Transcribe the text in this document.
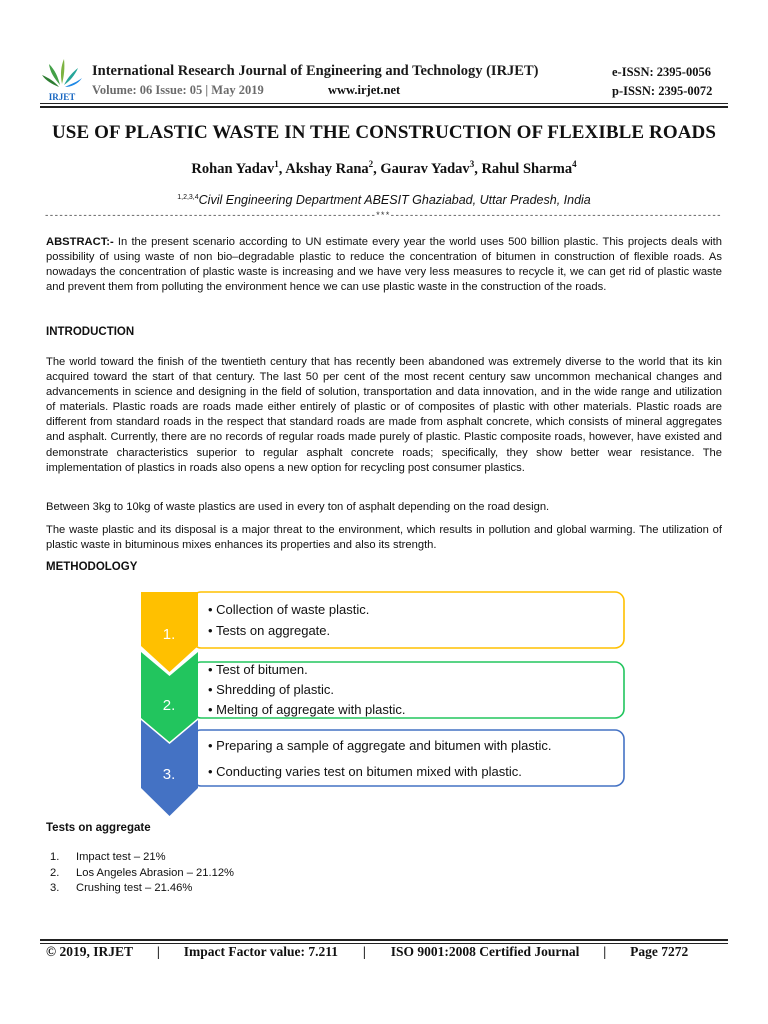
IRJET
International Research Journal of Engineering and Technology (IRJET)
Volume: 06 Issue: 05 | May 2019	www.irjet.net
e-ISSN: 2395-0056
p-ISSN: 2395-0072
USE OF PLASTIC WASTE IN THE CONSTRUCTION OF FLEXIBLE ROADS
Rohan Yadav$^1$, Akshay Rana$^2$, Gaurav Yadav$^3$, Rahul Sharma$^4$
$^{1,2,3,4}$Civil Engineering Department ABESIT Ghaziabad, Uttar Pradesh, India
---------------------------------------------------------------------***---------------------------------------------------------------------
ABSTRACT:- In the present scenario according to UN estimate every year the world uses 500 billion plastic. This projects deals with possibility of using waste of non bio–degradable plastic to reduce the concentration of bitumen in construction of flexible roads. As nowadays the concentration of plastic waste is increasing and we have very less measures to recycle it, we can get rid of plastic waste and prevent them from polluting the environment hence we can use plastic waste in the construction of the roads.
INTRODUCTION
The world toward the finish of the twentieth century that has recently been abandoned was extremely diverse to the world that its kin acquired toward the start of that century. The last 50 per cent of the most recent century saw uncommon mechanical changes and advancements in science and designing in the field of solution, transportation and data innovation, and in the wide range and utilization of materials. Plastic roads are roads made either entirely of plastic or of composites of plastic with other materials. Plastic roads are different from standard roads in the respect that standard roads are made from asphalt concrete, which consists of mineral aggregates and asphalt. Currently, there are no records of regular roads made purely of plastic. Plastic composite roads, however, have existed and demonstrate characteristics superior to regular asphalt concrete roads; specifically, they show better wear resistance. The implementation of plastics in roads also opens a new option for recycling post consumer plastics.
Between 3kg to 10kg of waste plastics are used in every ton of asphalt depending on the road design.
The waste plastic and its disposal is a major threat to the environment, which results in pollution and global warming. The utilization of plastic waste in bituminous mixes enhances its properties and also its strength.
METHODOLOGY
1.
• Collection of waste plastic.
• Tests on aggregate.
2.
• Test of bitumen.
• Shredding of plastic.
• Melting of aggregate with plastic.
3.
• Preparing a sample of aggregate and bitumen with plastic.
• Conducting varies test on bitumen mixed with plastic.
Tests on aggregate
1. Impact test – 21%
2. Los Angeles Abrasion – 21.12%
3. Crushing test – 21.46%
© 2019, IRJET | Impact Factor value: 7.211 | ISO 9001:2008 Certified Journal | Page 7272
